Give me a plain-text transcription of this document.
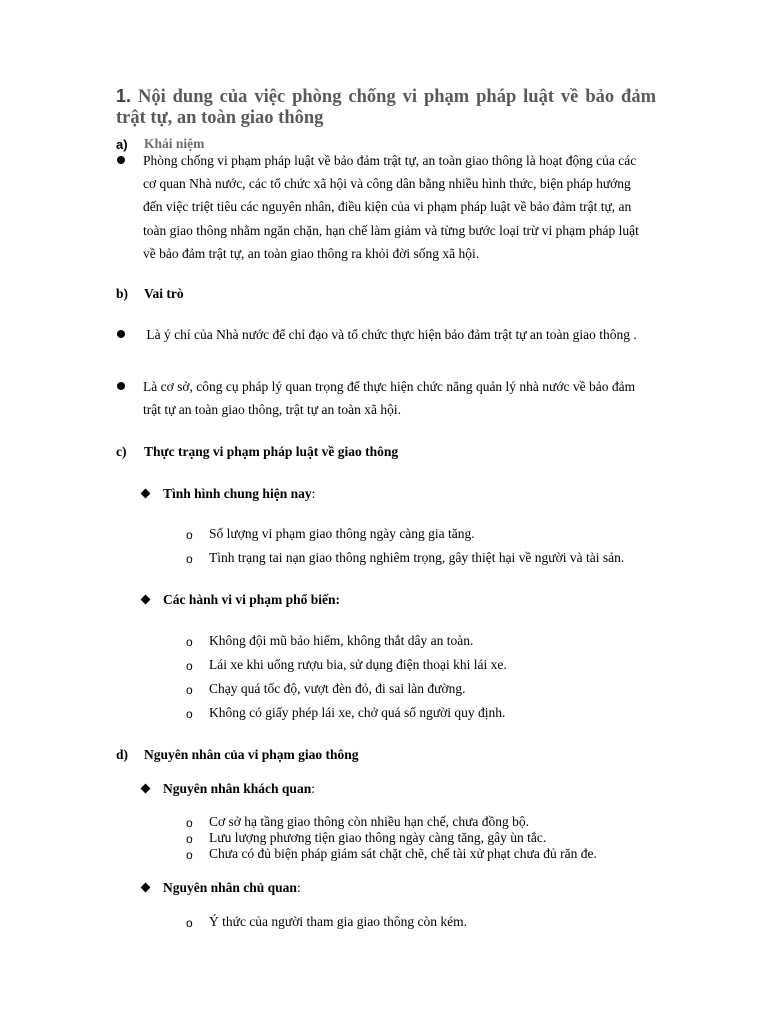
1. Nội dung của việc phòng chống vi phạm pháp luật về bảo đảm trật tự, an toàn giao thông
a) Khái niệm
Phòng chống vi phạm pháp luật về bảo đảm trật tự, an toàn giao thông là hoạt động của các cơ quan Nhà nước, các tổ chức xã hội và công dân bằng nhiều hình thức, biện pháp hướng đến việc triệt tiêu các nguyên nhân, điều kiện của vi phạm pháp luật về bảo đảm trật tự, an toàn giao thông nhằm ngăn chặn, hạn chế làm giảm và từng bước loại trừ vi phạm pháp luật về bảo đảm trật tự, an toàn giao thông ra khỏi đời sống xã hội.
b) Vai trò
Là ý chí của Nhà nước để chỉ đạo và tổ chức thực hiện bảo đảm trật tự an toàn giao thông .
Là cơ sở, công cụ pháp lý quan trọng để thực hiện chức năng quản lý nhà nước về bảo đảm trật tự an toàn giao thông, trật tự an toàn xã hội.
c) Thực trạng vi phạm pháp luật về giao thông
Tình hình chung hiện nay:
o Số lượng vi phạm giao thông ngày càng gia tăng.
o Tình trạng tai nạn giao thông nghiêm trọng, gây thiệt hại về người và tài sản.
Các hành vi vi phạm phổ biến:
o Không đội mũ bảo hiểm, không thắt dây an toàn.
o Lái xe khi uống rượu bia, sử dụng điện thoại khi lái xe.
o Chạy quá tốc độ, vượt đèn đỏ, đi sai làn đường.
o Không có giấy phép lái xe, chở quá số người quy định.
d) Nguyên nhân của vi phạm giao thông
Nguyên nhân khách quan:
o Cơ sở hạ tầng giao thông còn nhiều hạn chế, chưa đồng bộ.
o Lưu lượng phương tiện giao thông ngày càng tăng, gây ùn tắc.
o Chưa có đủ biện pháp giám sát chặt chẽ, chế tài xử phạt chưa đủ răn đe.
Nguyên nhân chủ quan:
o Ý thức của người tham gia giao thông còn kém.
